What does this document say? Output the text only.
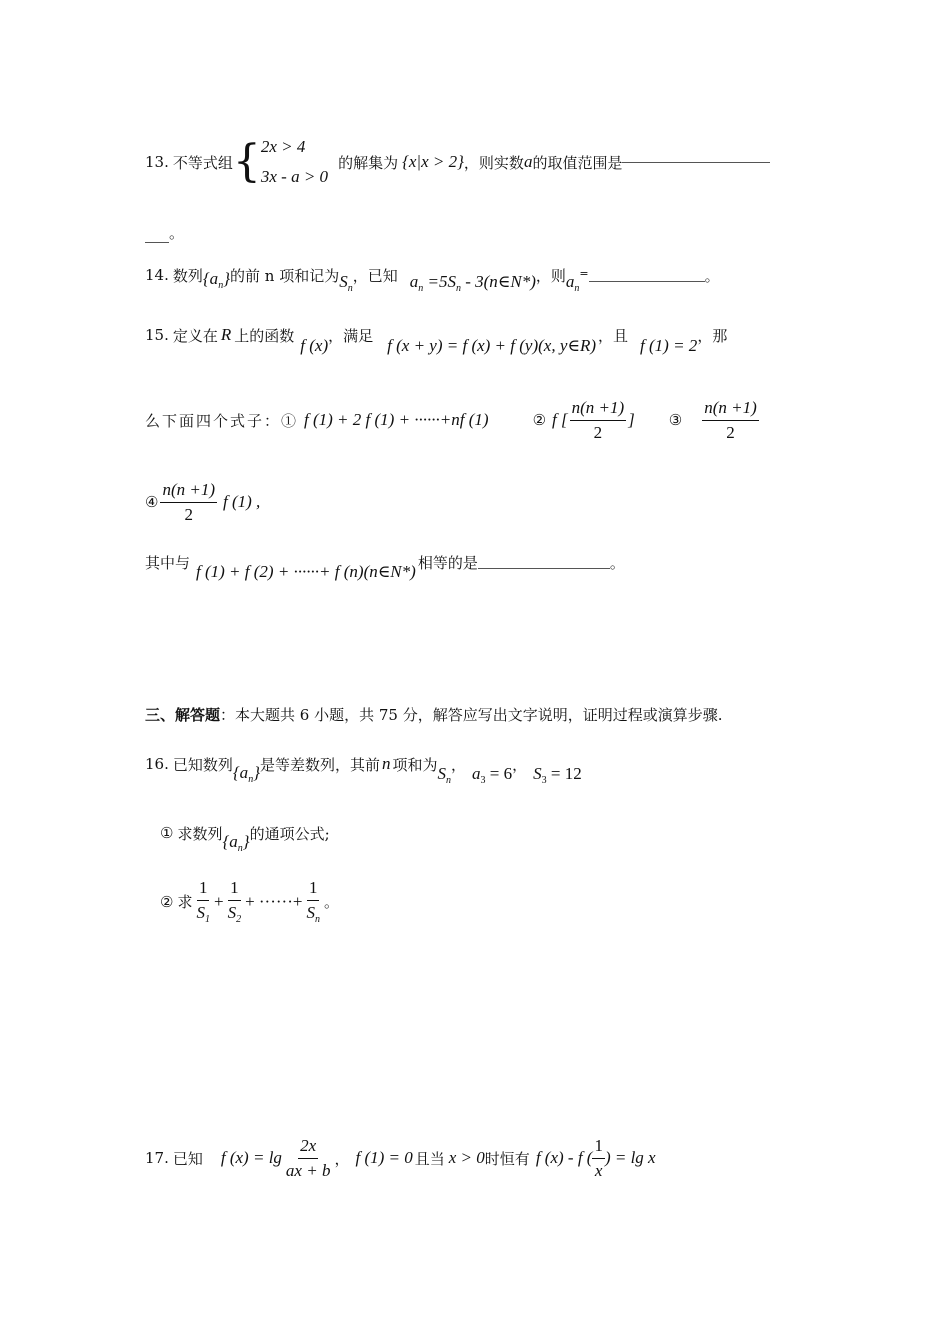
13. 不等式组 { 2x > 4
3x - a > 0
的解集为 {x|x > 2} ，则实数 a 的取值范围是
。
14. 数列 $\{a_n\}$ 的前 n 项和记为 $S_n$
，已知 $a_n =5S_n$ - 3(n∈N*) ，则 $a_n$
=	。
15. 定义在 R 上的函数
f (x)
，满足
f (x + y) = f (x) + f (y)(x, y∈R)
，且
f (1) = 2
，那
么下面四个式子：① f (1) + 2 f (1) + ······+nf (1)	② f [ $\frac{n(n +1)}{2}$ ] ③ $\frac{n(n +1)}{2}$
④ $\frac{n(n +1)}{2}$ f (1) ,
其中与 f (1) + f (2) + ······+ f (n)(n∈N*) 相等的是	。
三、解答题：本大题共 6 小题，共 75 分，解答应写出文字说明，证明过程或演算步骤.
16. 已知数列 $\{a_n\}$ 是等差数列，其前 n 项和为 $S_n$
， $a_3 = 6$ ， $S_3 = 12$
① 求数列 $\{a_n\}$ 的通项公式;
② 求 $\frac{1}{S_1} + \frac{1}{S_2}$ + ······+ $\frac{1}{S_n}$ 。
17. 已知 f $(x) = \lg \frac{2x}{ax + b}$ ， f (1) = 0 且当 x > 0 时恒有 f (x) - f ( $\frac{1}{x}$ ) = lg x
